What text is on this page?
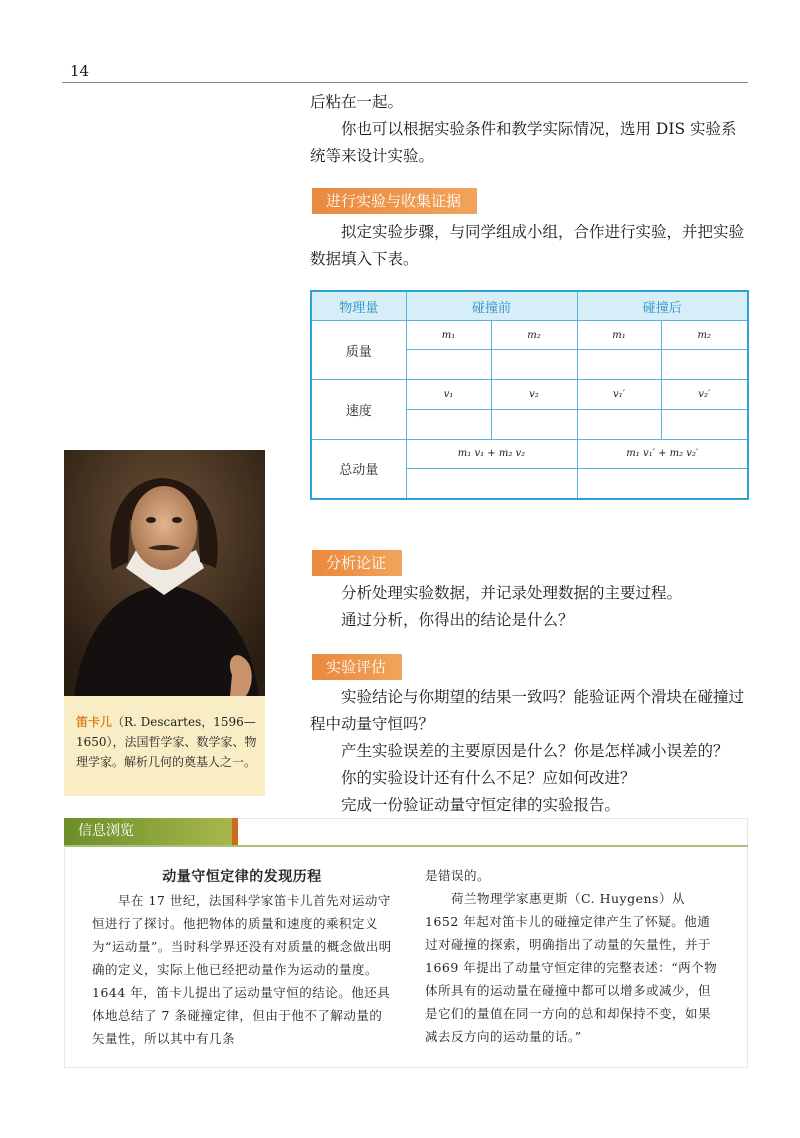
14

后粘在一起。

你也可以根据实验条件和教学实际情况，选用 DIS 实验系统等来设计实验。

进行实验与收集证据

拟定实验步骤，与同学组成小组，合作进行实验，并把实验数据填入下表。

物理量	碰撞前		碰撞后	
质量	m₁	m₂	m₁	m₂

速度	v₁	v₂	v₁′	v₂′

总动量	m₁ v₁ + m₂ v₂		m₁ v₁′ + m₂ v₂′	

笛卡儿（R. Descartes，1596—1650），法国哲学家、数学家、物理学家。解析几何的奠基人之一。
分析论证

分析处理实验数据，并记录处理数据的主要过程。

通过分析，你得出的结论是什么？

实验评估

实验结论与你期望的结果一致吗？能验证两个滑块在碰撞过程中动量守恒吗？

产生实验误差的主要原因是什么？你是怎样减小误差的？

你的实验设计还有什么不足？应如何改进？

完成一份验证动量守恒定律的实验报告。

信息浏览

动量守恒定律的发现历程

早在 17 世纪，法国科学家笛卡儿首先对运动守恒进行了探讨。他把物体的质量和速度的乘积定义为“运动量”。当时科学界还没有对质量的概念做出明确的定义，实际上他已经把动量作为运动的量度。1644 年，笛卡儿提出了运动量守恒的结论。他还具体地总结了 7 条碰撞定律，但由于他不了解动量的矢量性，所以其中有几条

是错误的。

荷兰物理学家惠更斯（C. Huygens）从 1652 年起对笛卡儿的碰撞定律产生了怀疑。他通过对碰撞的探索，明确指出了动量的矢量性，并于 1669 年提出了动量守恒定律的完整表述：“两个物体所具有的运动量在碰撞中都可以增多或减少，但是它们的量值在同一方向的总和却保持不变，如果减去反方向的运动量的话。”
